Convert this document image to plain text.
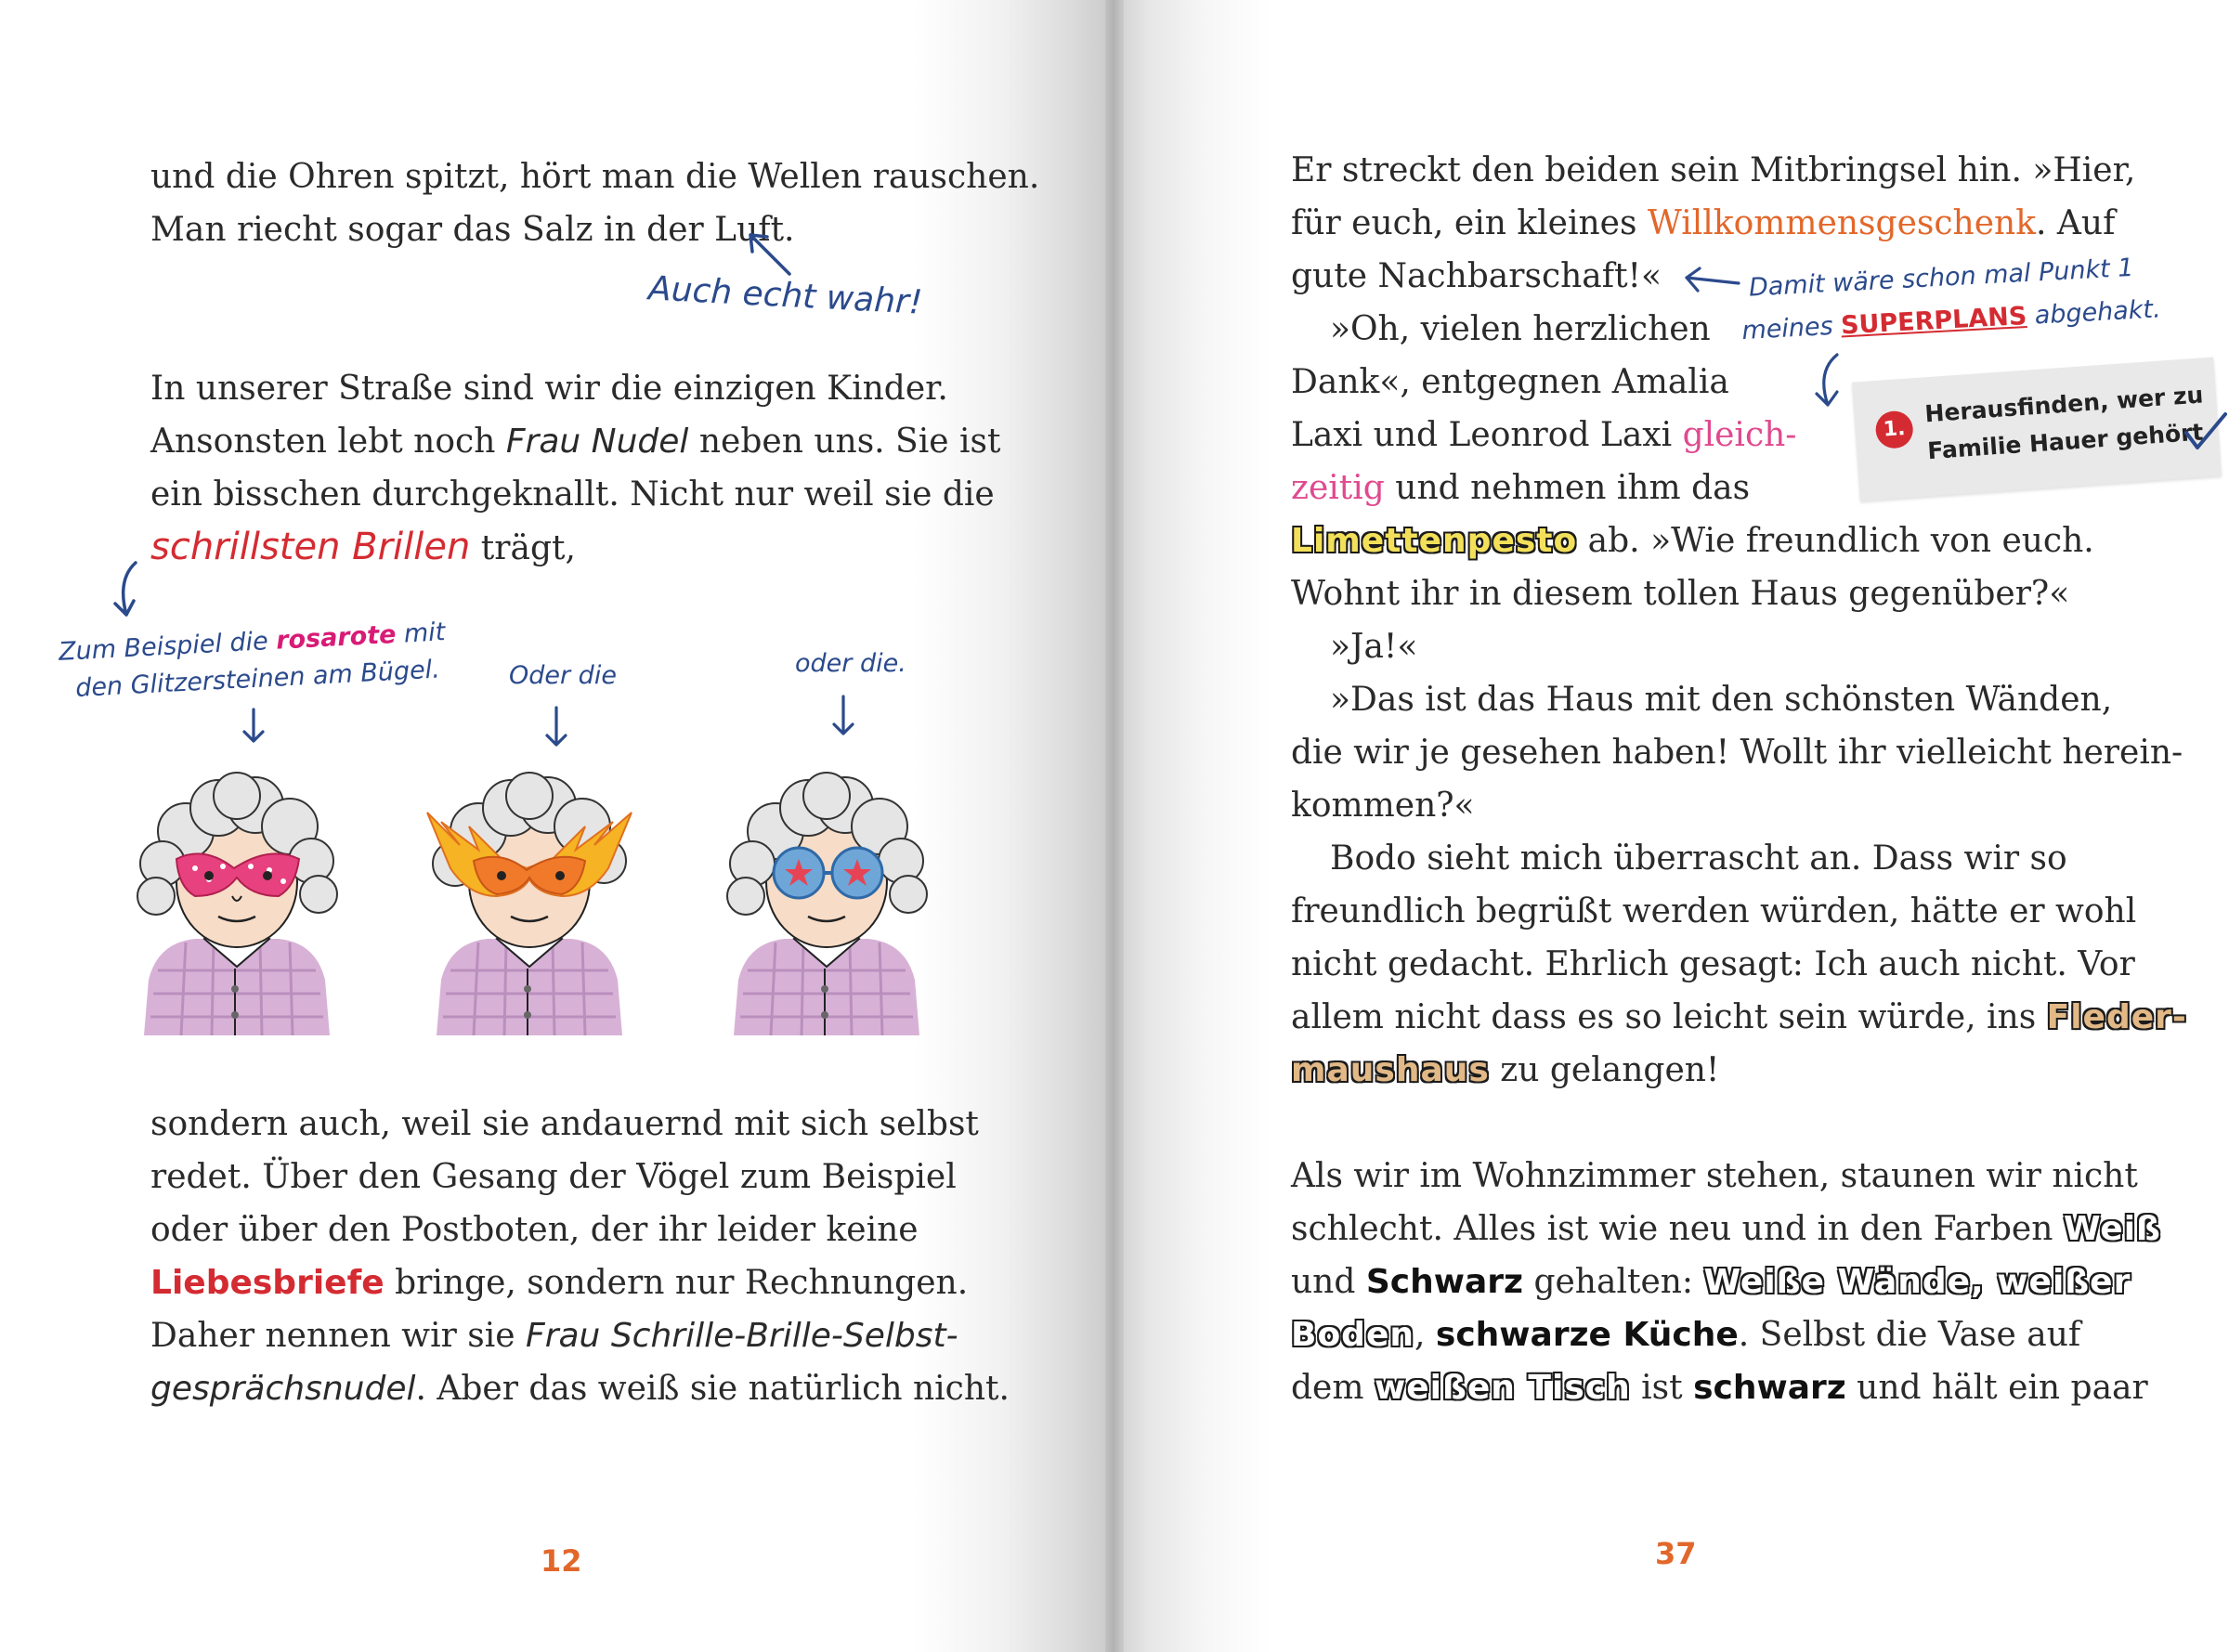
und die Ohren spitzt, hört man die Wellen rauschen.
Man riecht sogar das Salz in der Luft.
Auch echt wahr!
In unserer Straße sind wir die einzigen Kinder.
Ansonsten lebt noch Frau Nudel neben uns. Sie ist
ein bisschen durchgeknallt. Nicht nur weil sie die
schrillsten Brillen trägt,
Zum Beispiel die rosarote mit
den Glitzersteinen am Bügel.	Oder die	oder die.
sondern auch, weil sie andauernd mit sich selbst
redet. Über den Gesang der Vögel zum Beispiel
oder über den Postboten, der ihr leider keine
Liebesbriefe bringe, sondern nur Rechnungen.
Daher nennen wir sie Frau Schrille-Brille-Selbst-
gesprächsnudel. Aber das weiß sie natürlich nicht.
12
Er streckt den beiden sein Mitbringsel hin. »Hier,
für euch, ein kleines Willkommensgeschenk. Auf
gute Nachbarschaft!«
»Oh, vielen herzlichen
Dank«, entgegnen Amalia
Laxi und Leonrod Laxi gleich-
zeitig und nehmen ihm das
Limettenpesto ab. »Wie freundlich von euch.
Wohnt ihr in diesem tollen Haus gegenüber?«
»Ja!«
»Das ist das Haus mit den schönsten Wänden,
die wir je gesehen haben! Wollt ihr vielleicht herein-
kommen?«
Bodo sieht mich überrascht an. Dass wir so
freundlich begrüßt werden würden, hätte er wohl
nicht gedacht. Ehrlich gesagt: Ich auch nicht. Vor
allem nicht dass es so leicht sein würde, ins Fleder-
maushaus zu gelangen!
Als wir im Wohnzimmer stehen, staunen wir nicht
schlecht. Alles ist wie neu und in den Farben Weiß
und Schwarz gehalten: Weiße Wände, weißer
Boden, schwarze Küche. Selbst die Vase auf
dem weißen Tisch ist schwarz und hält ein paar
Damit wäre schon mal Punkt 1
meines SUPERPLANS abgehakt.
1.
Herausfinden, wer zu
Familie Hauer gehört
37
